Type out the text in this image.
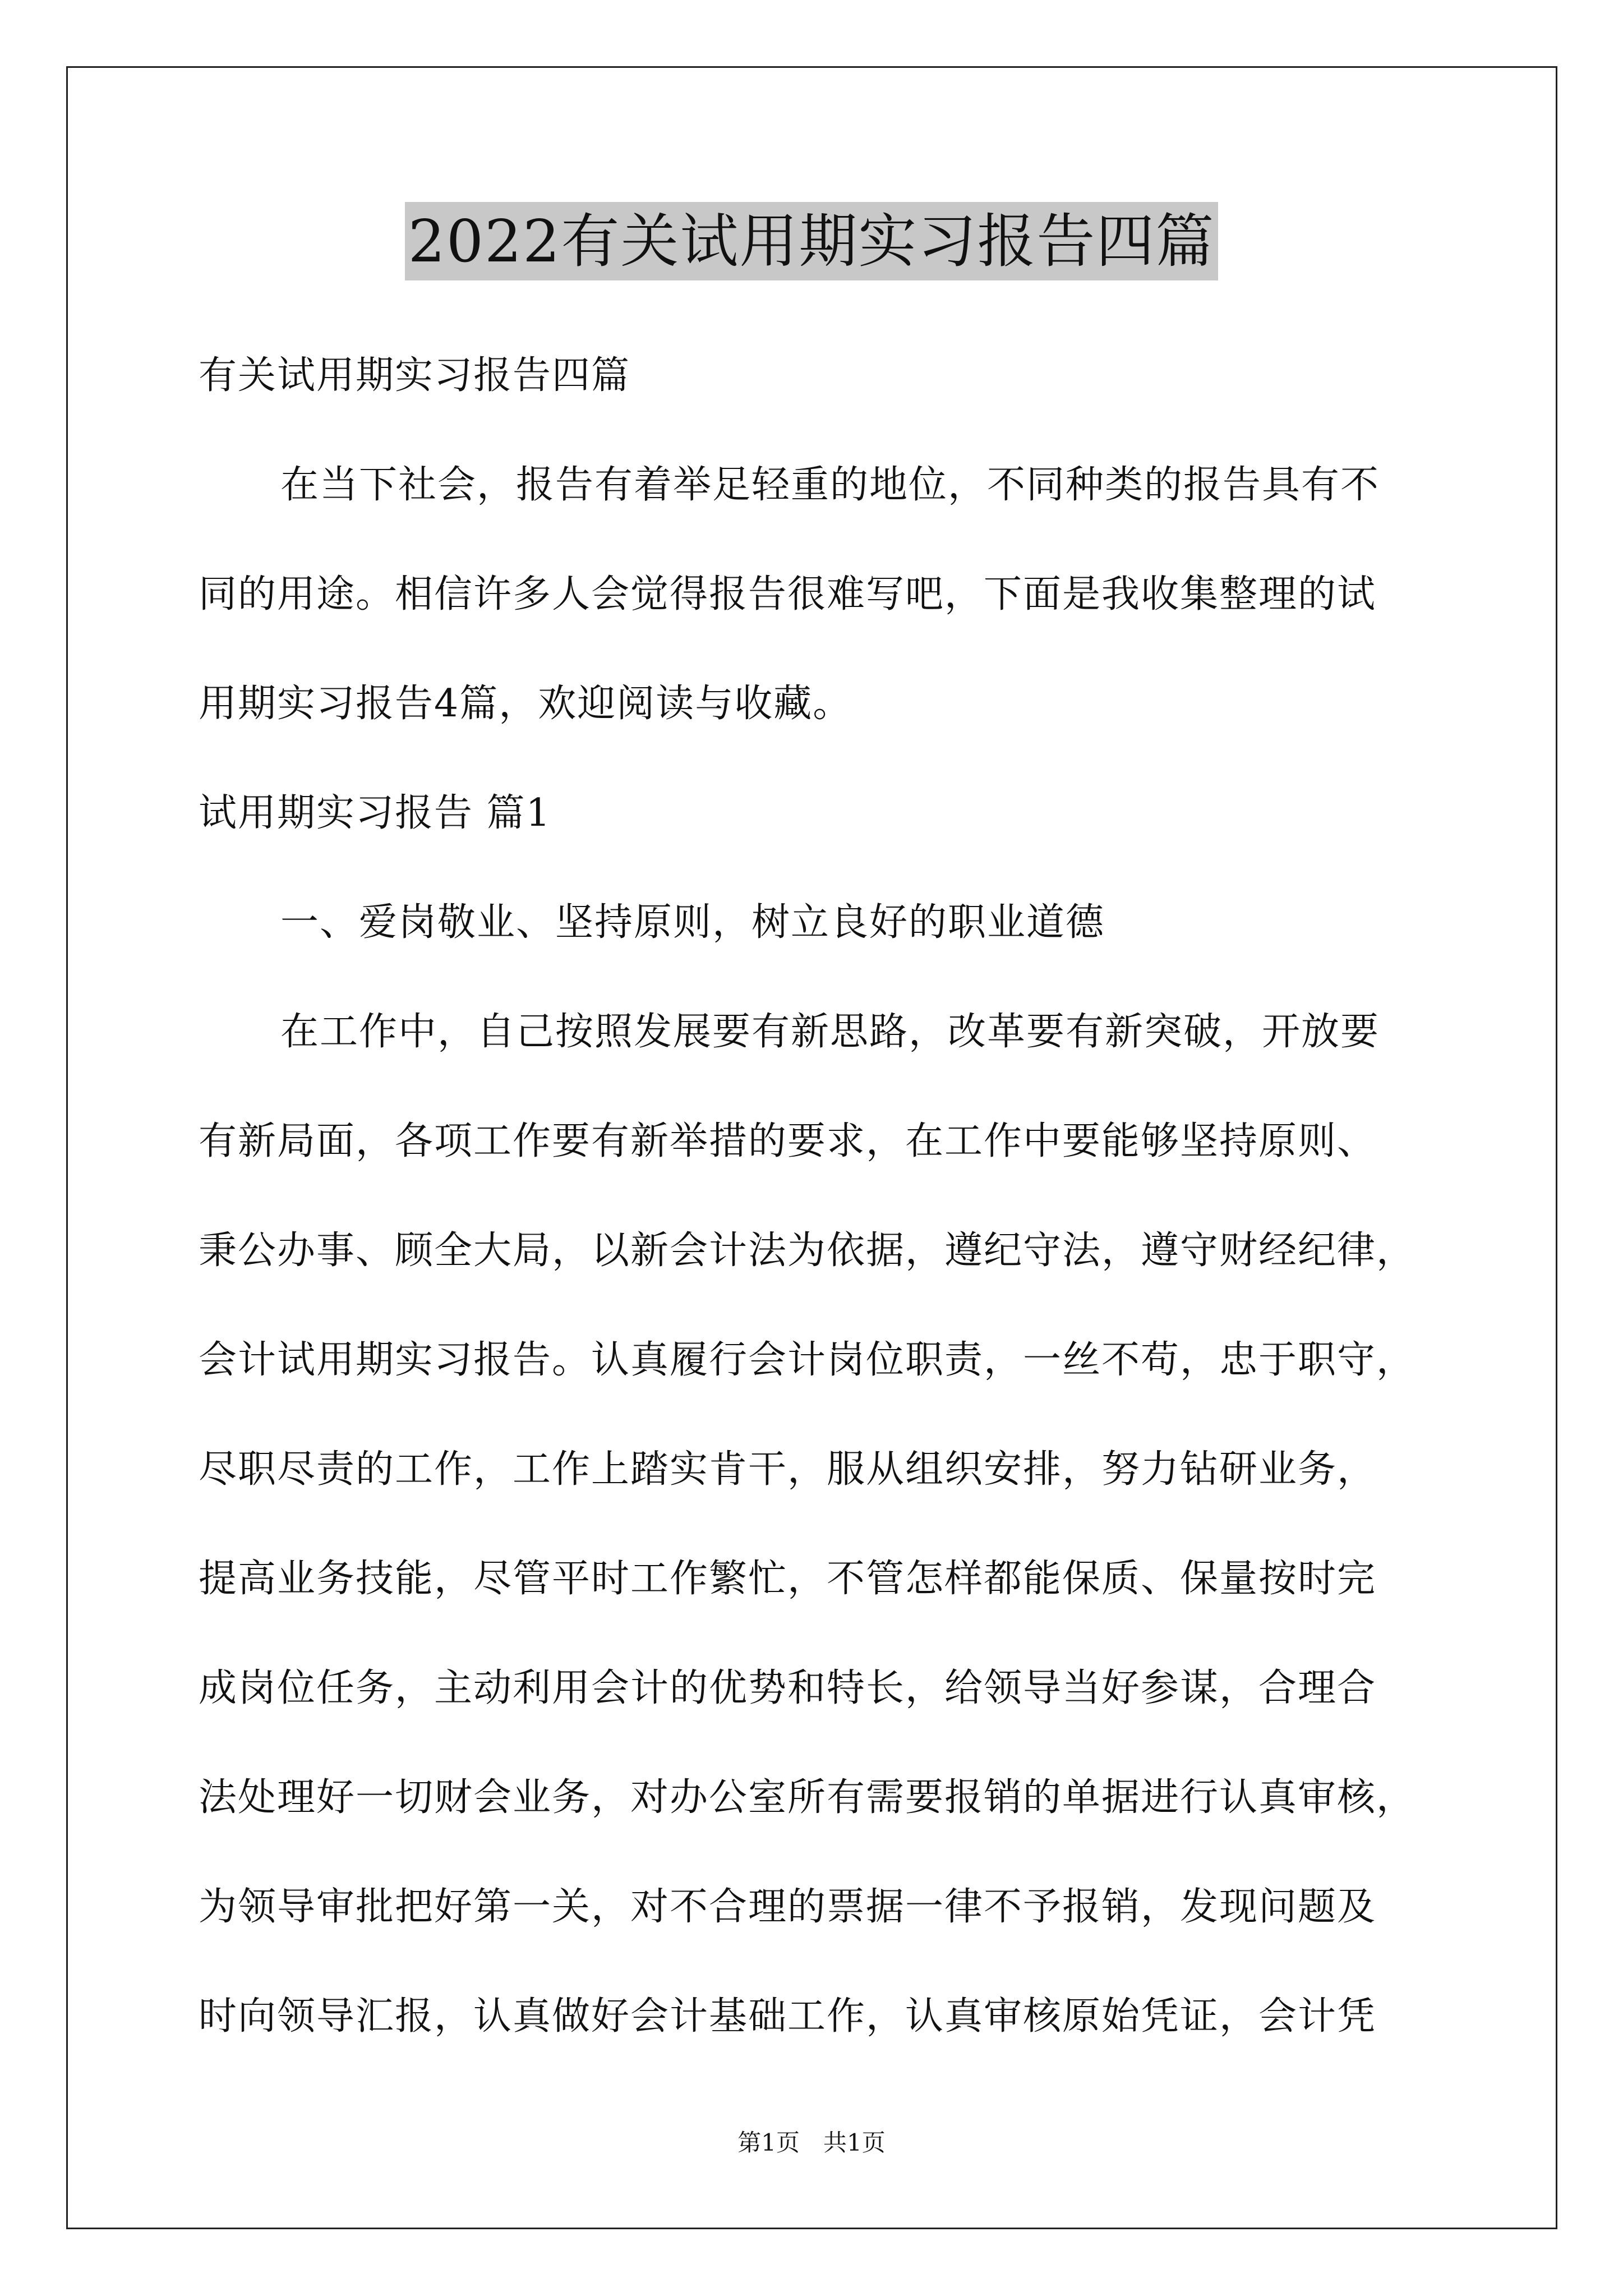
2022有关试用期实习报告四篇
有关试用期实习报告四篇
在当下社会，报告有着举足轻重的地位，不同种类的报告具有不
同的用途。相信许多人会觉得报告很难写吧，下面是我收集整理的试
用期实习报告4篇，欢迎阅读与收藏。
试用期实习报告 篇1
一、爱岗敬业、坚持原则，树立良好的职业道德
在工作中，自己按照发展要有新思路，改革要有新突破，开放要
有新局面，各项工作要有新举措的要求，在工作中要能够坚持原则、
秉公办事、顾全大局，以新会计法为依据，遵纪守法，遵守财经纪律，
会计试用期实习报告。认真履行会计岗位职责，一丝不苟，忠于职守，
尽职尽责的工作，工作上踏实肯干，服从组织安排，努力钻研业务，
提高业务技能，尽管平时工作繁忙，不管怎样都能保质、保量按时完
成岗位任务，主动利用会计的优势和特长，给领导当好参谋，合理合
法处理好一切财会业务，对办公室所有需要报销的单据进行认真审核，
为领导审批把好第一关，对不合理的票据一律不予报销，发现问题及
时向领导汇报，认真做好会计基础工作，认真审核原始凭证，会计凭
第1页　共1页
